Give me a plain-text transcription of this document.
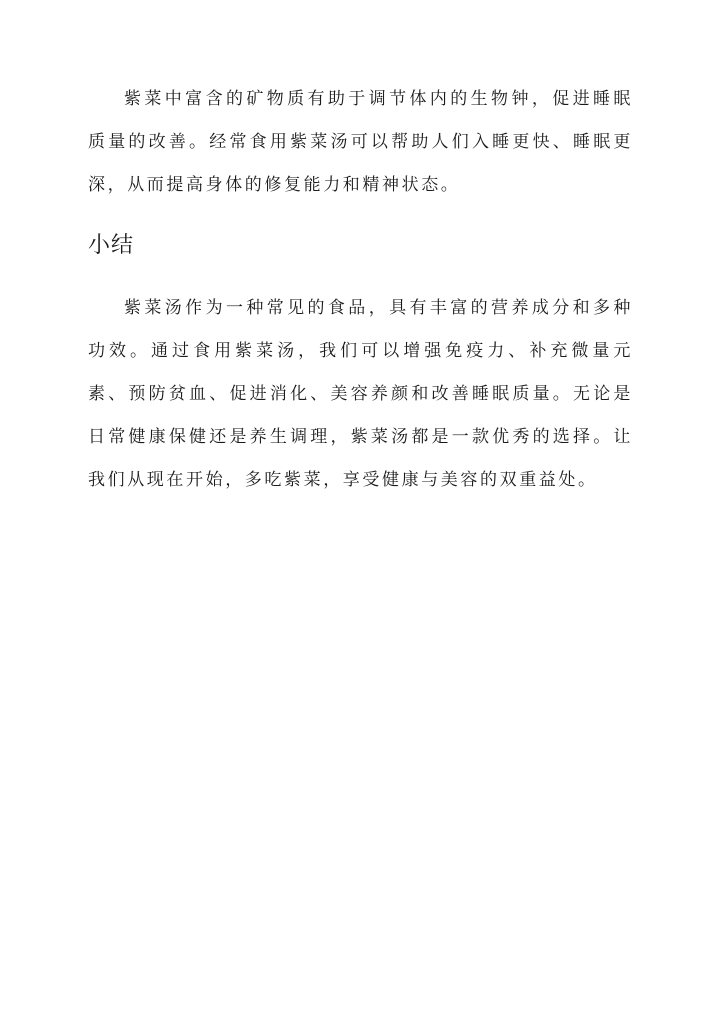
紫菜中富含的矿物质有助于调节体内的生物钟，促进睡眠质量的改善。经常食用紫菜汤可以帮助人们入睡更快、睡眠更深，从而提高身体的修复能力和精神状态。

小结

紫菜汤作为一种常见的食品，具有丰富的营养成分和多种功效。通过食用紫菜汤，我们可以增强免疫力、补充微量元素、预防贫血、促进消化、美容养颜和改善睡眠质量。无论是日常健康保健还是养生调理，紫菜汤都是一款优秀的选择。让我们从现在开始，多吃紫菜，享受健康与美容的双重益处。
